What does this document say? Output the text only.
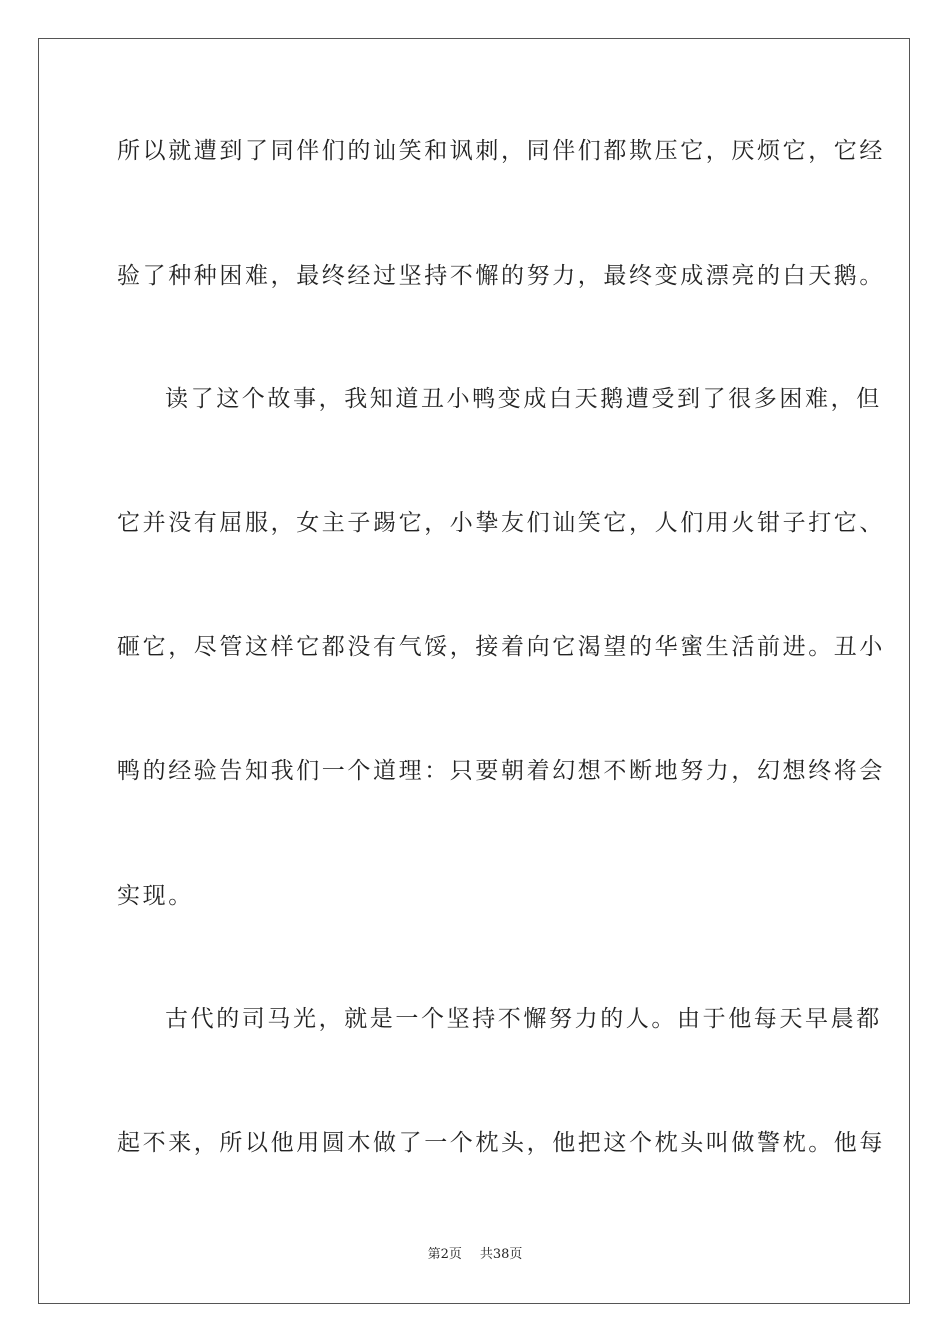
所以就遭到了同伴们的讪笑和讽刺，同伴们都欺压它，厌烦它，它经
验了种种困难，最终经过坚持不懈的努力，最终变成漂亮的白天鹅。
读了这个故事，我知道丑小鸭变成白天鹅遭受到了很多困难，但
它并没有屈服，女主子踢它，小挚友们讪笑它，人们用火钳子打它、
砸它，尽管这样它都没有气馁，接着向它渴望的华蜜生活前进。丑小
鸭的经验告知我们一个道理：只要朝着幻想不断地努力，幻想终将会
实现。
古代的司马光，就是一个坚持不懈努力的人。由于他每天早晨都
起不来，所以他用圆木做了一个枕头，他把这个枕头叫做警枕。他每
第2页 共38页
